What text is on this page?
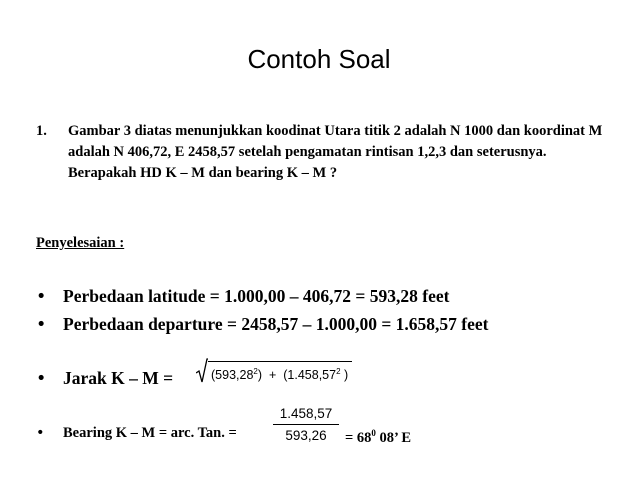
Contoh Soal
1. Gambar 3 diatas menunjukkan koodinat Utara titik 2 adalah N 1000 dan koordinat M adalah N 406,72, E 2458,57 setelah pengamatan rintisan 1,2,3 dan seterusnya. Berapakah HD K – M dan bearing K – M ?
Penyelesaian :
• Perbedaan latitude = 1.000,00 – 406,72 = 593,28 feet
• Perbedaan departure = 2458,57 – 1.000,00 = 1.658,57 feet
• Jarak K – M =	$(593,28^2) + (1.458,57^2$ )
• Bearing K – M = arc. Tan. =
1.458,57
593,26	= $68^0$ 08’ E
